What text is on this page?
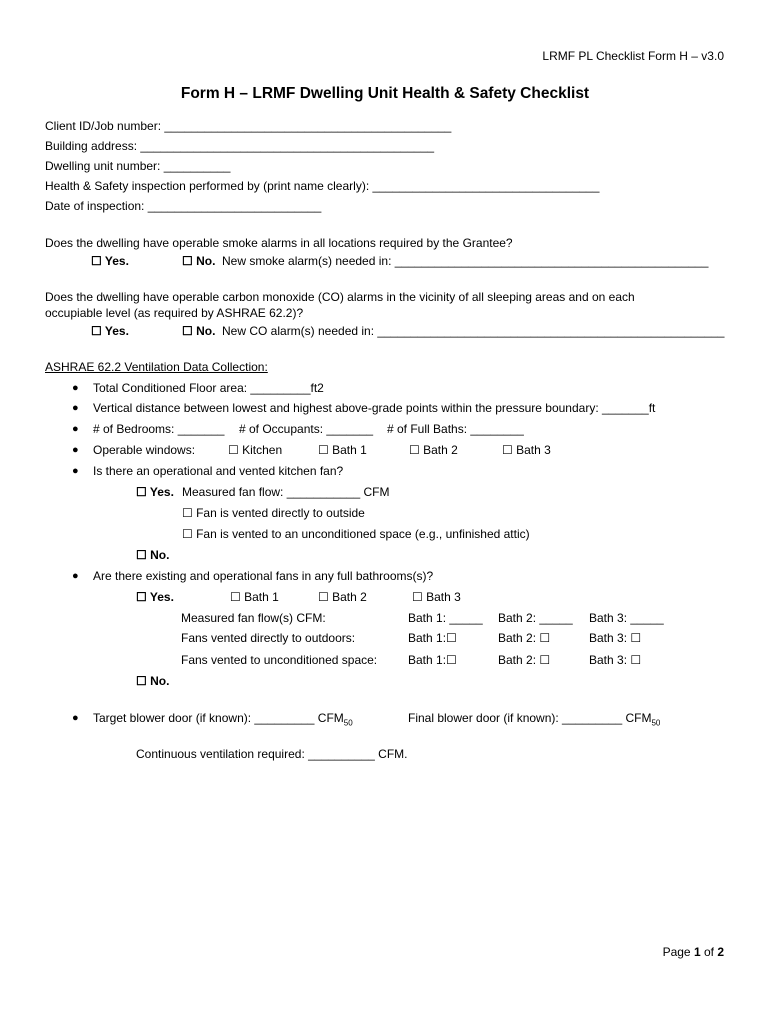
LRMF PL Checklist Form H – v3.0
Form H – LRMF Dwelling Unit Health & Safety Checklist
Client ID/Job number: ___________________________________________
Building address: ____________________________________________
Dwelling unit number: __________
Health & Safety inspection performed by (print name clearly): __________________________________
Date of inspection: __________________________
Does the dwelling have operable smoke alarms in all locations required by the Grantee?
☐ Yes.	☐ No. New smoke alarm(s) needed in: _______________________________________________
Does the dwelling have operable carbon monoxide (CO) alarms in the vicinity of all sleeping areas and on each
occupiable level (as required by ASHRAE 62.2)?
☐ Yes.	☐ No. New CO alarm(s) needed in: ____________________________________________________
ASHRAE 62.2 Ventilation Data Collection:
● Total Conditioned Floor area: _________ft2
● Vertical distance between lowest and highest above-grade points within the pressure boundary: _______ft
● # of Bedrooms: _______ # of Occupants: _______ # of Full Baths: ________
● Operable windows:	☐ Kitchen	☐ Bath 1	☐ Bath 2	☐ Bath 3
● Is there an operational and vented kitchen fan?
☐ Yes. Measured fan flow: ___________ CFM
☐ Fan is vented directly to outside
☐ Fan is vented to an unconditioned space (e.g., unfinished attic)
☐ No.
● Are there existing and operational fans in any full bathrooms(s)?
☐ Yes.	☐ Bath 1	☐ Bath 2	☐ Bath 3
Measured fan flow(s) CFM:	Bath 1: _____ Bath 2: _____ Bath 3: _____
Fans vented directly to outdoors:	Bath 1:☐	Bath 2: ☐	Bath 3: ☐
Fans vented to unconditioned space:	Bath 1:☐	Bath 2: ☐	Bath 3: ☐
☐ No.
● Target blower door (if known): _________ $CFM_{50}$	Final blower door (if known): _________ $CFM_{50}$
Continuous ventilation required: __________ CFM.
Page 1 of 2
